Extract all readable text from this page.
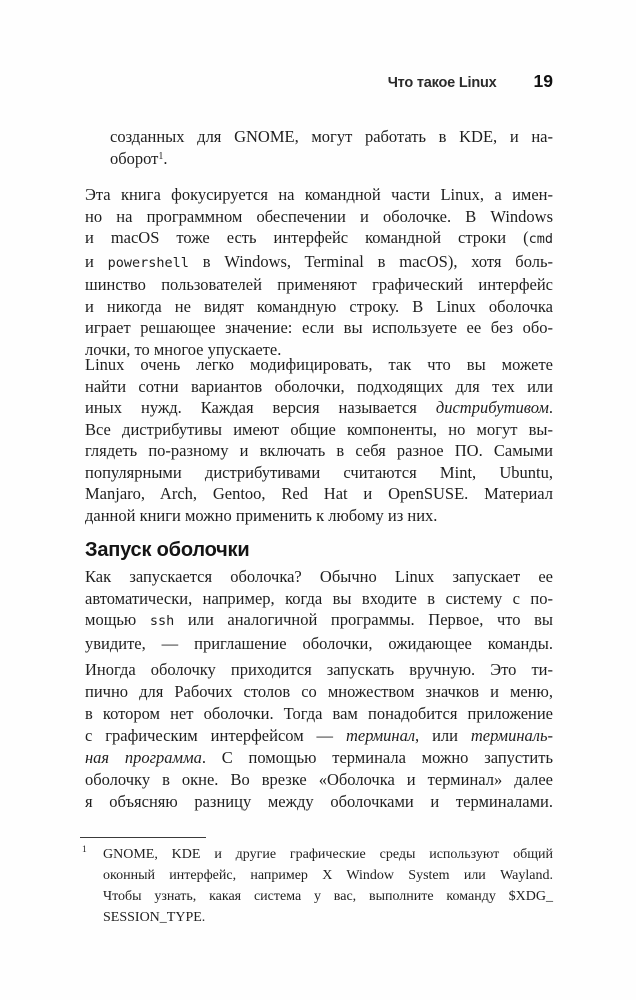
Что такое Linux 19
созданных для GNOME, могут работать в KDE, и на-
оборот$^1$.
Эта книга фокусируется на командной части Linux, а имен-
но на программном обеспечении и оболочке. В Windows
и macOS тоже есть интерфейс командной строки (cmd
и powershell в Windows, Terminal в macOS), хотя боль-
шинство пользователей применяют графический интерфейс
и никогда не видят командную строку. В Linux оболочка
играет решающее значение: если вы используете ее без обо-
лочки, то многое упускаете.
Linux очень легко модифицировать, так что вы можете
найти сотни вариантов оболочки, подходящих для тех или
иных нужд. Каждая версия называется дистрибутивом.
Все дистрибутивы имеют общие компоненты, но могут вы-
глядеть по-разному и включать в себя разное ПО. Самыми
популярными дистрибутивами считаются Mint, Ubuntu,
Manjaro, Arch, Gentoo, Red Hat и OpenSUSE. Материал
данной книги можно применить к любому из них.
Запуск оболочки
Как запускается оболочка? Обычно Linux запускает ее
автоматически, например, когда вы входите в систему с по-
мощью ssh или аналогичной программы. Первое, что вы
увидите, — приглашение оболочки, ожидающее команды.
Иногда оболочку приходится запускать вручную. Это ти-
пично для Рабочих столов со множеством значков и меню,
в котором нет оболочки. Тогда вам понадобится приложение
с графическим интерфейсом — терминал, или терминаль-
ная программа. С помощью терминала можно запустить
оболочку в окне. Во врезке «Оболочка и терминал» далее
я объясняю разницу между оболочками и терминалами.
1 GNOME, KDE и другие графические среды используют общий
оконный интерфейс, например X Window System или Wayland.
Чтобы узнать, какая система у вас, выполните команду $XDG_
SESSION_TYPE.
